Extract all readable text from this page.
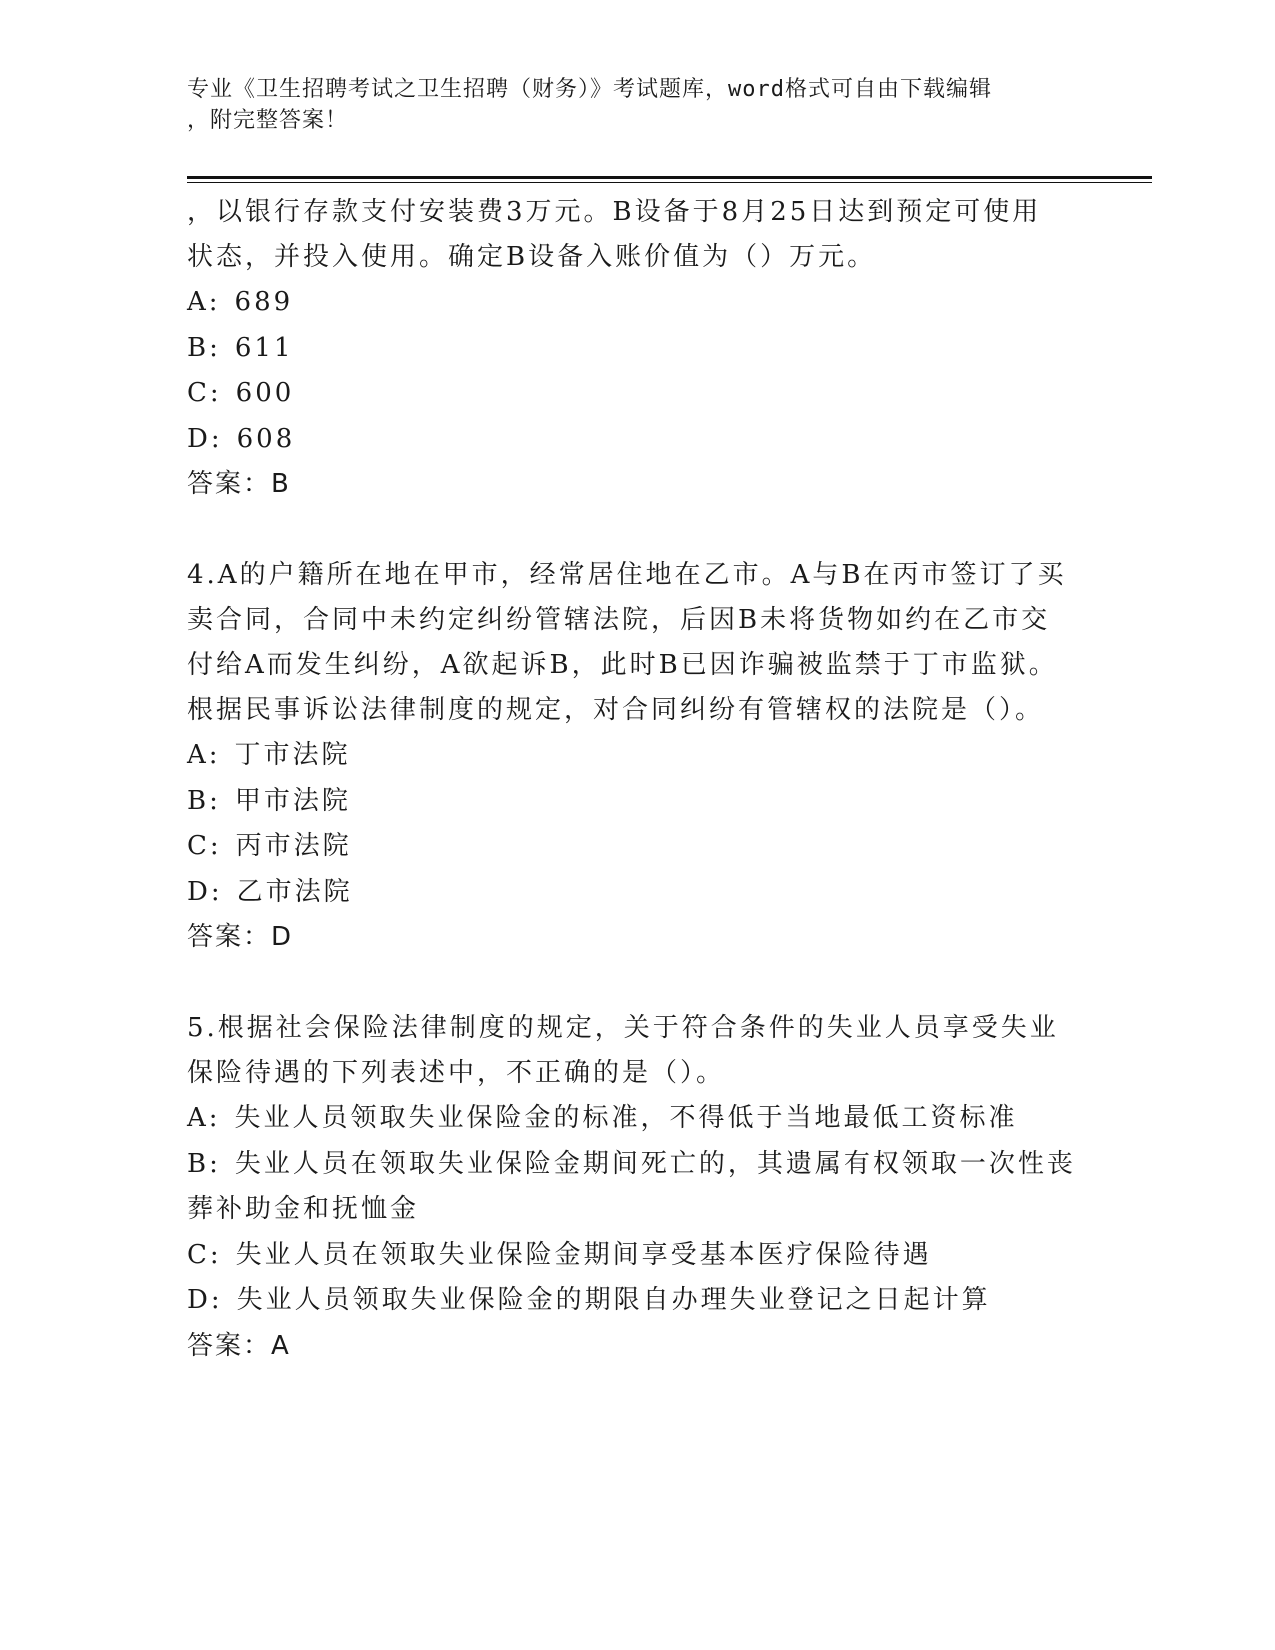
专业《卫生招聘考试之卫生招聘（财务）》考试题库，word格式可自由下载编辑
，附完整答案！
，以银行存款支付安装费3万元。B设备于8月25日达到预定可使用
状态，并投入使用。确定B设备入账价值为（）万元。
A: 689
B: 611
C: 600
D: 608
答案：B
4.A的户籍所在地在甲市，经常居住地在乙市。A与B在丙市签订了买
卖合同，合同中未约定纠纷管辖法院，后因B未将货物如约在乙市交
付给A而发生纠纷，A欲起诉B，此时B已因诈骗被监禁于丁市监狱。
根据民事诉讼法律制度的规定，对合同纠纷有管辖权的法院是（）。
A: 丁市法院
B: 甲市法院
C: 丙市法院
D: 乙市法院
答案：D
5.根据社会保险法律制度的规定，关于符合条件的失业人员享受失业
保险待遇的下列表述中，不正确的是（）。
A: 失业人员领取失业保险金的标准，不得低于当地最低工资标准
B: 失业人员在领取失业保险金期间死亡的，其遗属有权领取一次性丧
葬补助金和抚恤金
C: 失业人员在领取失业保险金期间享受基本医疗保险待遇
D: 失业人员领取失业保险金的期限自办理失业登记之日起计算
答案：A
